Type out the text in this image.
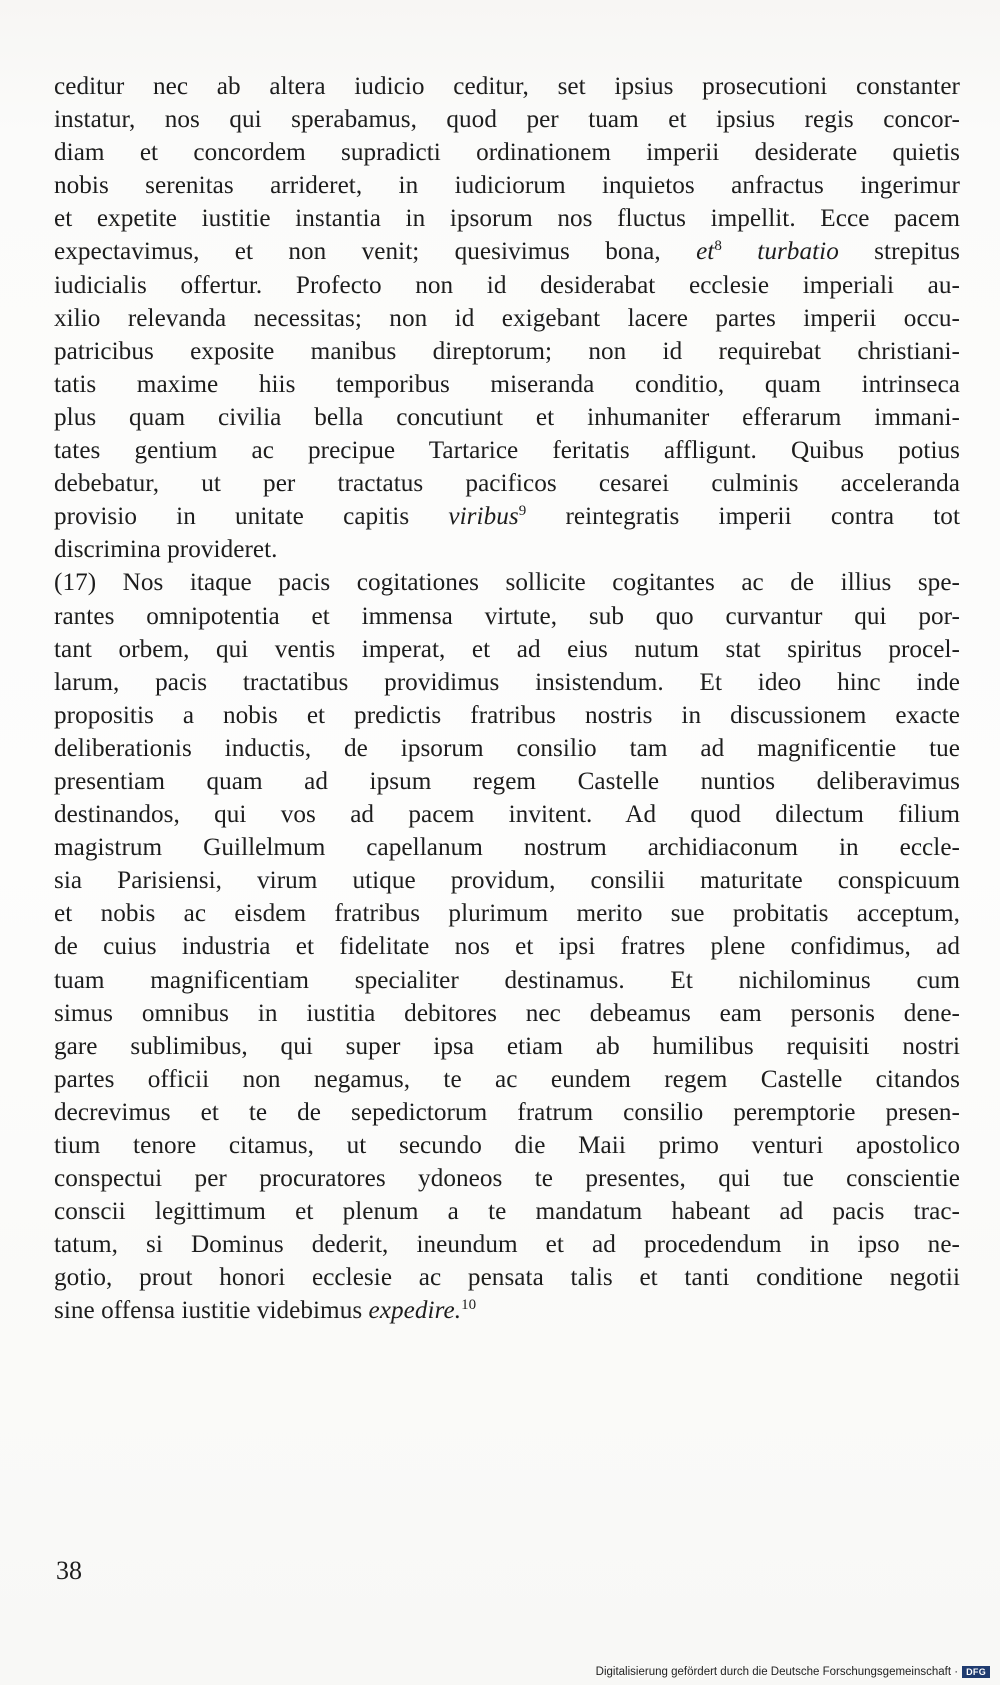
ceditur nec ab altera iudicio ceditur, set ipsius prosecutioni constanter
instatur, nos qui sperabamus, quod per tuam et ipsius regis concor-
diam et concordem supradicti ordinationem imperii desiderate quietis
nobis serenitas arrideret, in iudiciorum inquietos anfractus ingerimur
et expetite iustitie instantia in ipsorum nos fluctus impellit. Ecce pacem
expectavimus, et non venit; quesivimus bona, $et^8$ turbatio strepitus
iudicialis offertur. Profecto non id desiderabat ecclesie imperiali au-
xilio relevanda necessitas; non id exigebant lacere partes imperii occu-
patricibus exposite manibus direptorum; non id requirebat christiani-
tatis maxime hiis temporibus miseranda conditio, quam intrinseca
plus quam civilia bella concutiunt et inhumaniter efferarum immani-
tates gentium ac precipue Tartarice feritatis affligunt. Quibus potius
debebatur, ut per tractatus pacificos cesarei culminis acceleranda
provisio in unitate capitis viribus$^9$ reintegratis imperii contra tot
discrimina provideret.
(17) Nos itaque pacis cogitationes sollicite cogitantes ac de illius spe-
rantes omnipotentia et immensa virtute, sub quo curvantur qui por-
tant orbem, qui ventis imperat, et ad eius nutum stat spiritus procel-
larum, pacis tractatibus providimus insistendum. Et ideo hinc inde
propositis a nobis et predictis fratribus nostris in discussionem exacte
deliberationis inductis, de ipsorum consilio tam ad magnificentie tue
presentiam quam ad ipsum regem Castelle nuntios deliberavimus
destinandos, qui vos ad pacem invitent. Ad quod dilectum filium
magistrum Guillelmum capellanum nostrum archidiaconum in eccle-
sia Parisiensi, virum utique providum, consilii maturitate conspicuum
et nobis ac eisdem fratribus plurimum merito sue probitatis acceptum,
de cuius industria et fidelitate nos et ipsi fratres plene confidimus, ad
tuam magnificentiam specialiter destinamus. Et nichilominus cum
simus omnibus in iustitia debitores nec debeamus eam personis dene-
gare sublimibus, qui super ipsa etiam ab humilibus requisiti nostri
partes officii non negamus, te ac eundem regem Castelle citandos
decrevimus et te de sepedictorum fratrum consilio peremptorie presen-
tium tenore citamus, ut secundo die Maii primo venturi apostolico
conspectui per procuratores ydoneos te presentes, qui tue conscientie
conscii legittimum et plenum a te mandatum habeant ad pacis trac-
tatum, si Dominus dederit, ineundum et ad procedendum in ipso ne-
gotio, prout honori ecclesie ac pensata talis et tanti conditione negotii
sine offensa iustitie videbimus expedire.$^{10}$
38
Digitalisierung gefördert durch die Deutsche Forschungsgemeinschaft · DFG
